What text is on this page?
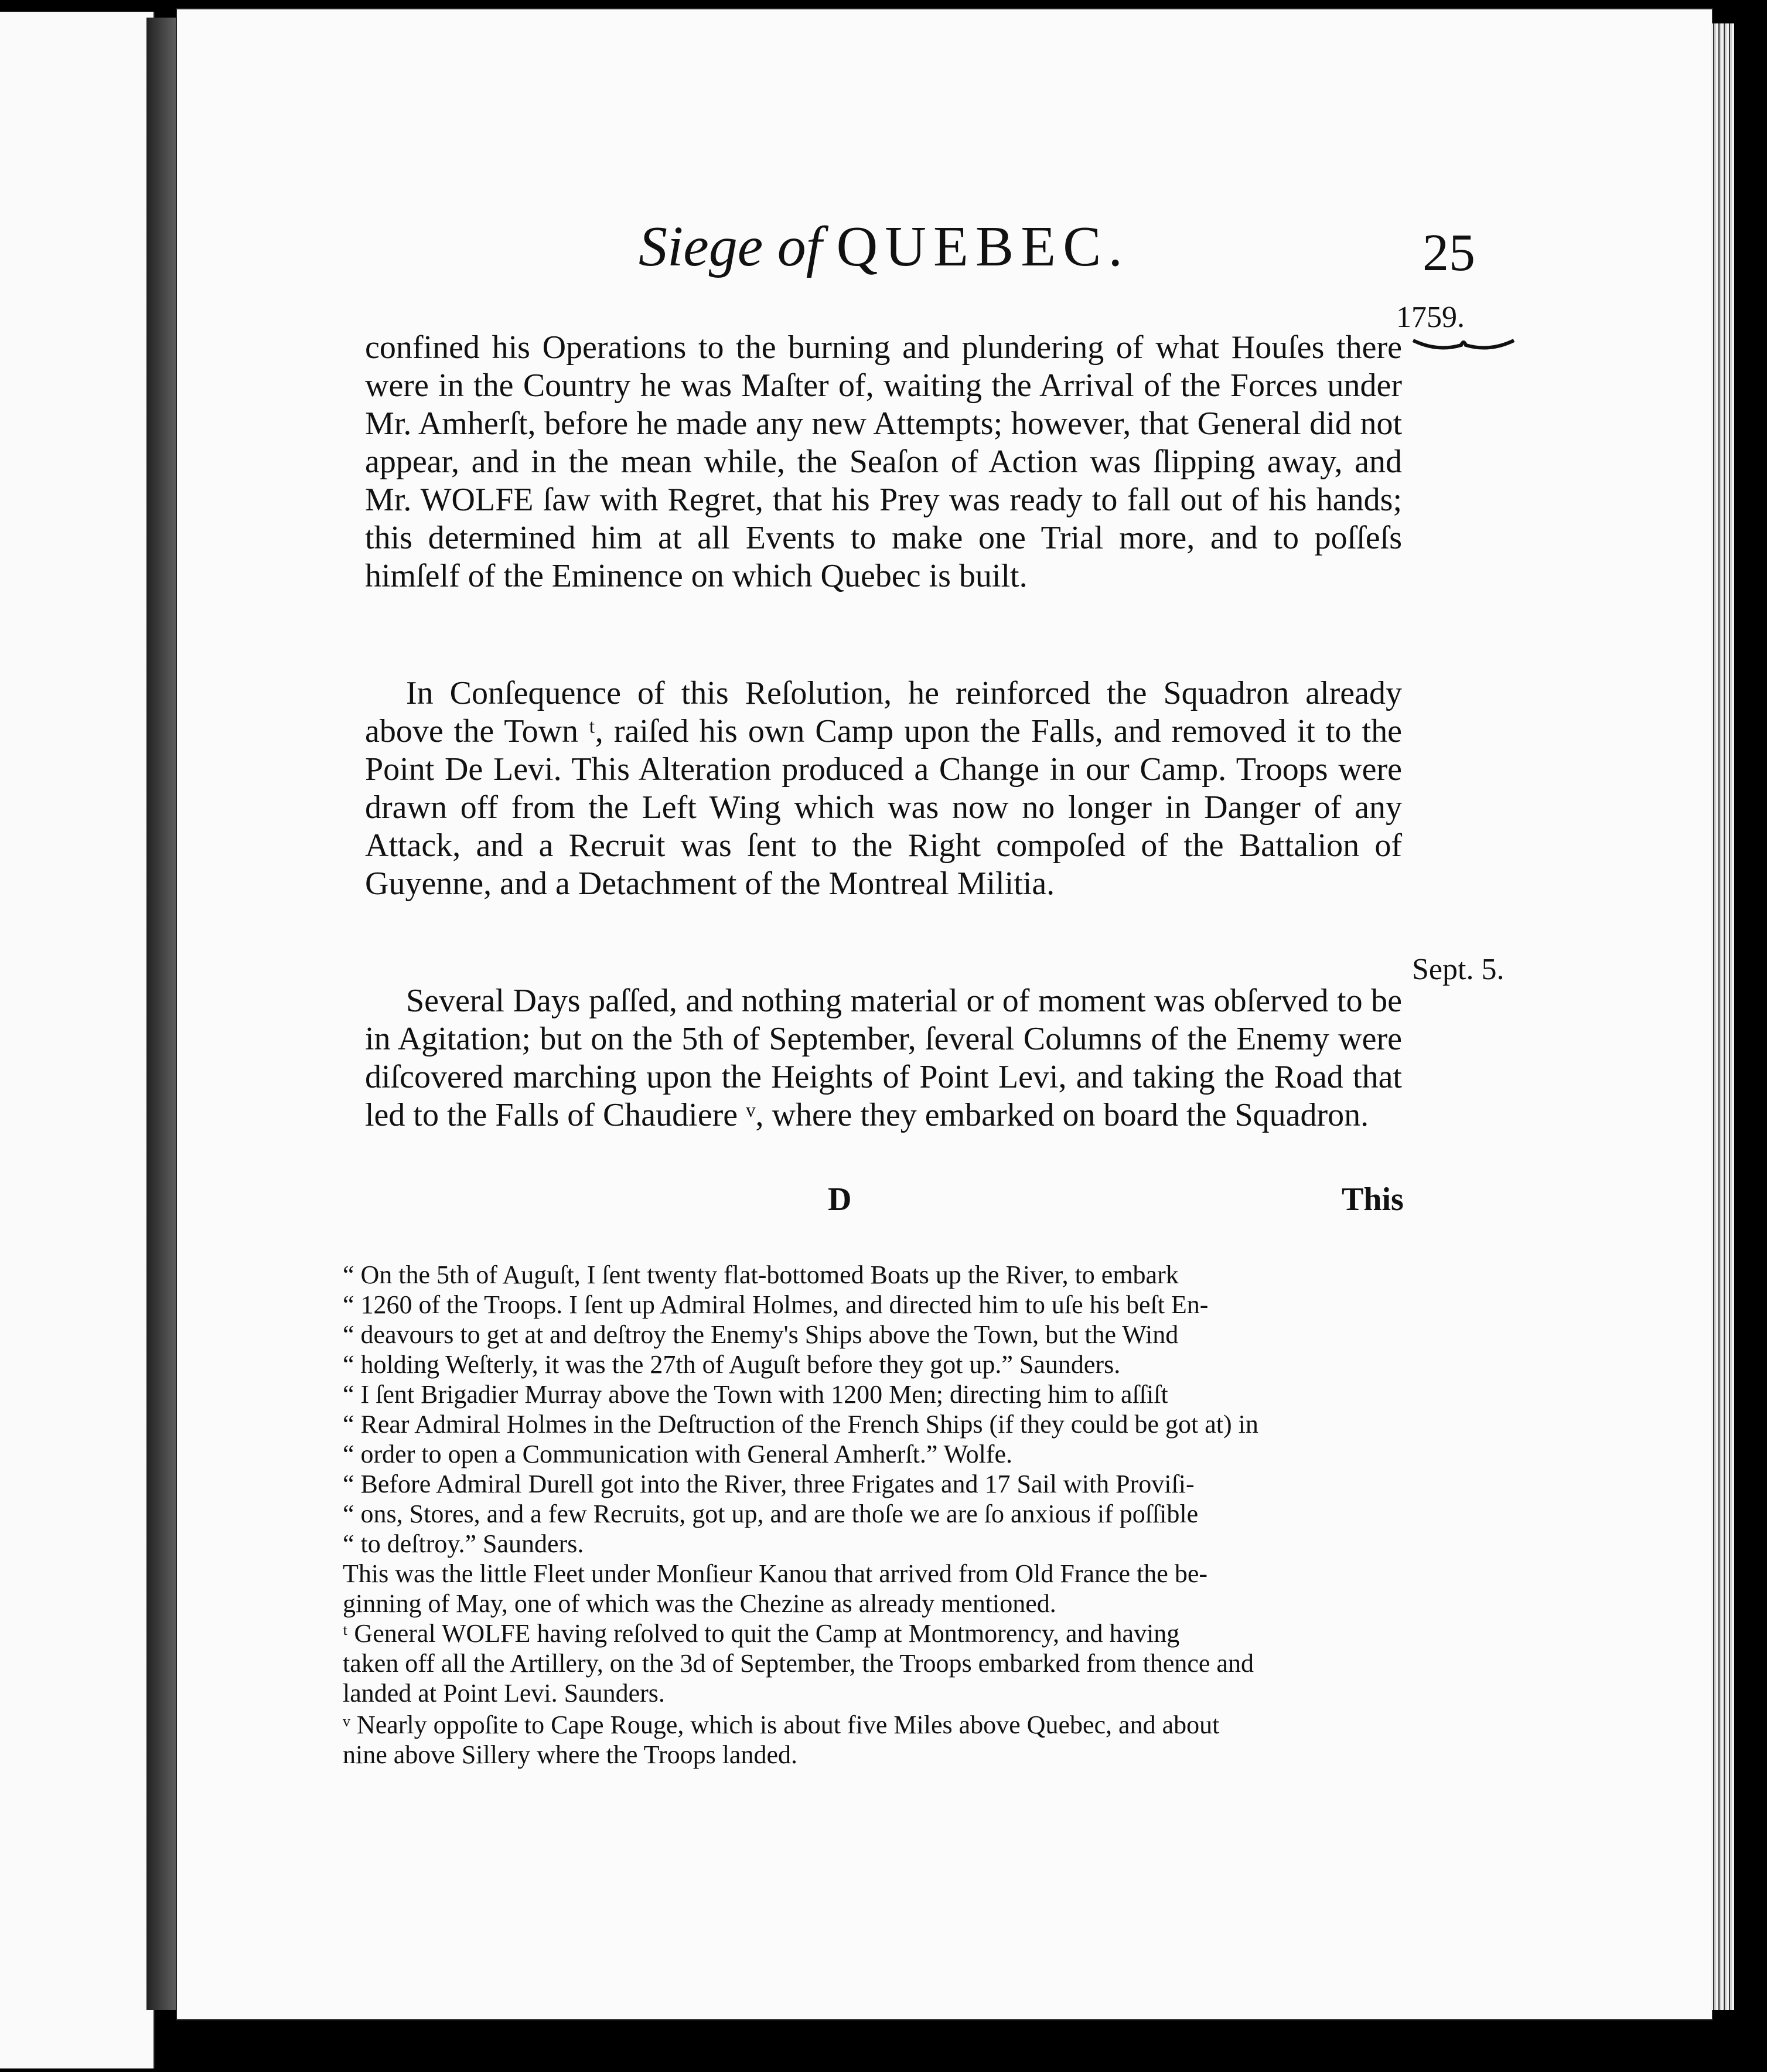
Siege of QUEBEC.	25
1759.

confined his Operations to the burning and plundering of what Houſes there were in the Country he was Maſter of, waiting the Arrival of the Forces under Mr. Amherſt, before he made any new Attempts; however, that General did not appear, and in the mean while, the Seaſon of Action was ſlipping away, and Mr. WOLFE ſaw with Regret, that his Prey was ready to fall out of his hands; this determined him at all Events to make one Trial more, and to poſſeſs himſelf of the Eminence on which Quebec is built.

In Conſequence of this Reſolution, he reinforced the Squadron already above the Town ᵗ, raiſed his own Camp upon the Falls, and removed it to the Point De Levi. This Alteration produced a Change in our Camp. Troops were drawn off from the Left Wing which was now no longer in Danger of any Attack, and a Recruit was ſent to the Right compoſed of the Battalion of Guyenne, and a Detachment of the Montreal Militia.

Several Days paſſed, and nothing material or of moment was obſerved to be in Agitation; but on the 5th of September, ſeveral Columns of the Enemy were diſcovered marching upon the Heights of Point Levi, and taking the Road that led to the Falls of Chaudiere ᵛ, where they embarked on board the Squadron.

Sept. 5.
D	This
“ On the 5th of Auguſt, I ſent twenty flat-bottomed Boats up the River, to embark
“ 1260 of the Troops. I ſent up Admiral Holmes, and directed him to uſe his beſt En-
“ deavours to get at and deſtroy the Enemy's Ships above the Town, but the Wind
“ holding Weſterly, it was the 27th of Auguſt before they got up.” Saunders.
“ I ſent Brigadier Murray above the Town with 1200 Men; directing him to aſſiſt
“ Rear Admiral Holmes in the Deſtruction of the French Ships (if they could be got at) in
“ order to open a Communication with General Amherſt.” Wolfe.
“ Before Admiral Durell got into the River, three Frigates and 17 Sail with Proviſi-
“ ons, Stores, and a few Recruits, got up, and are thoſe we are ſo anxious if poſſible
“ to deſtroy.” Saunders.
This was the little Fleet under Monſieur Kanou that arrived from Old France the be-
ginning of May, one of which was the Chezine as already mentioned.
ᵗ General WOLFE having reſolved to quit the Camp at Montmorency, and having
taken off all the Artillery, on the 3d of September, the Troops embarked from thence and
landed at Point Levi. Saunders.
ᵛ Nearly oppoſite to Cape Rouge, which is about five Miles above Quebec, and about
nine above Sillery where the Troops landed.
